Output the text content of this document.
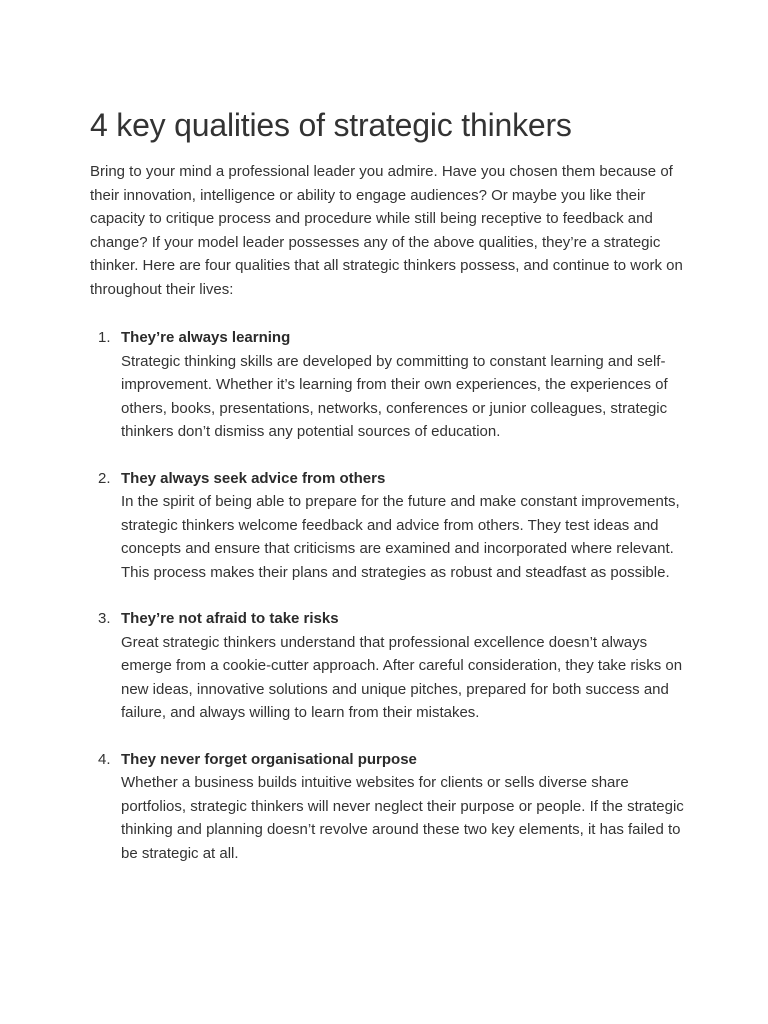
4 key qualities of strategic thinkers

Bring to your mind a professional leader you admire. Have you chosen them because of their innovation, intelligence or ability to engage audiences? Or maybe you like their capacity to critique process and procedure while still being receptive to feedback and change? If your model leader possesses any of the above qualities, they’re a strategic thinker. Here are four qualities that all strategic thinkers possess, and continue to work on throughout their lives:

1. They’re always learning
Strategic thinking skills are developed by committing to constant learning and self-improvement. Whether it’s learning from their own experiences, the experiences of others, books, presentations, networks, conferences or junior colleagues, strategic thinkers don’t dismiss any potential sources of education.
2. They always seek advice from others
In the spirit of being able to prepare for the future and make constant improvements, strategic thinkers welcome feedback and advice from others. They test ideas and concepts and ensure that criticisms are examined and incorporated where relevant. This process makes their plans and strategies as robust and steadfast as possible.
3. They’re not afraid to take risks
Great strategic thinkers understand that professional excellence doesn’t always emerge from a cookie-cutter approach. After careful consideration, they take risks on new ideas, innovative solutions and unique pitches, prepared for both success and failure, and always willing to learn from their mistakes.
4. They never forget organisational purpose
Whether a business builds intuitive websites for clients or sells diverse share portfolios, strategic thinkers will never neglect their purpose or people. If the strategic thinking and planning doesn’t revolve around these two key elements, it has failed to be strategic at all.
